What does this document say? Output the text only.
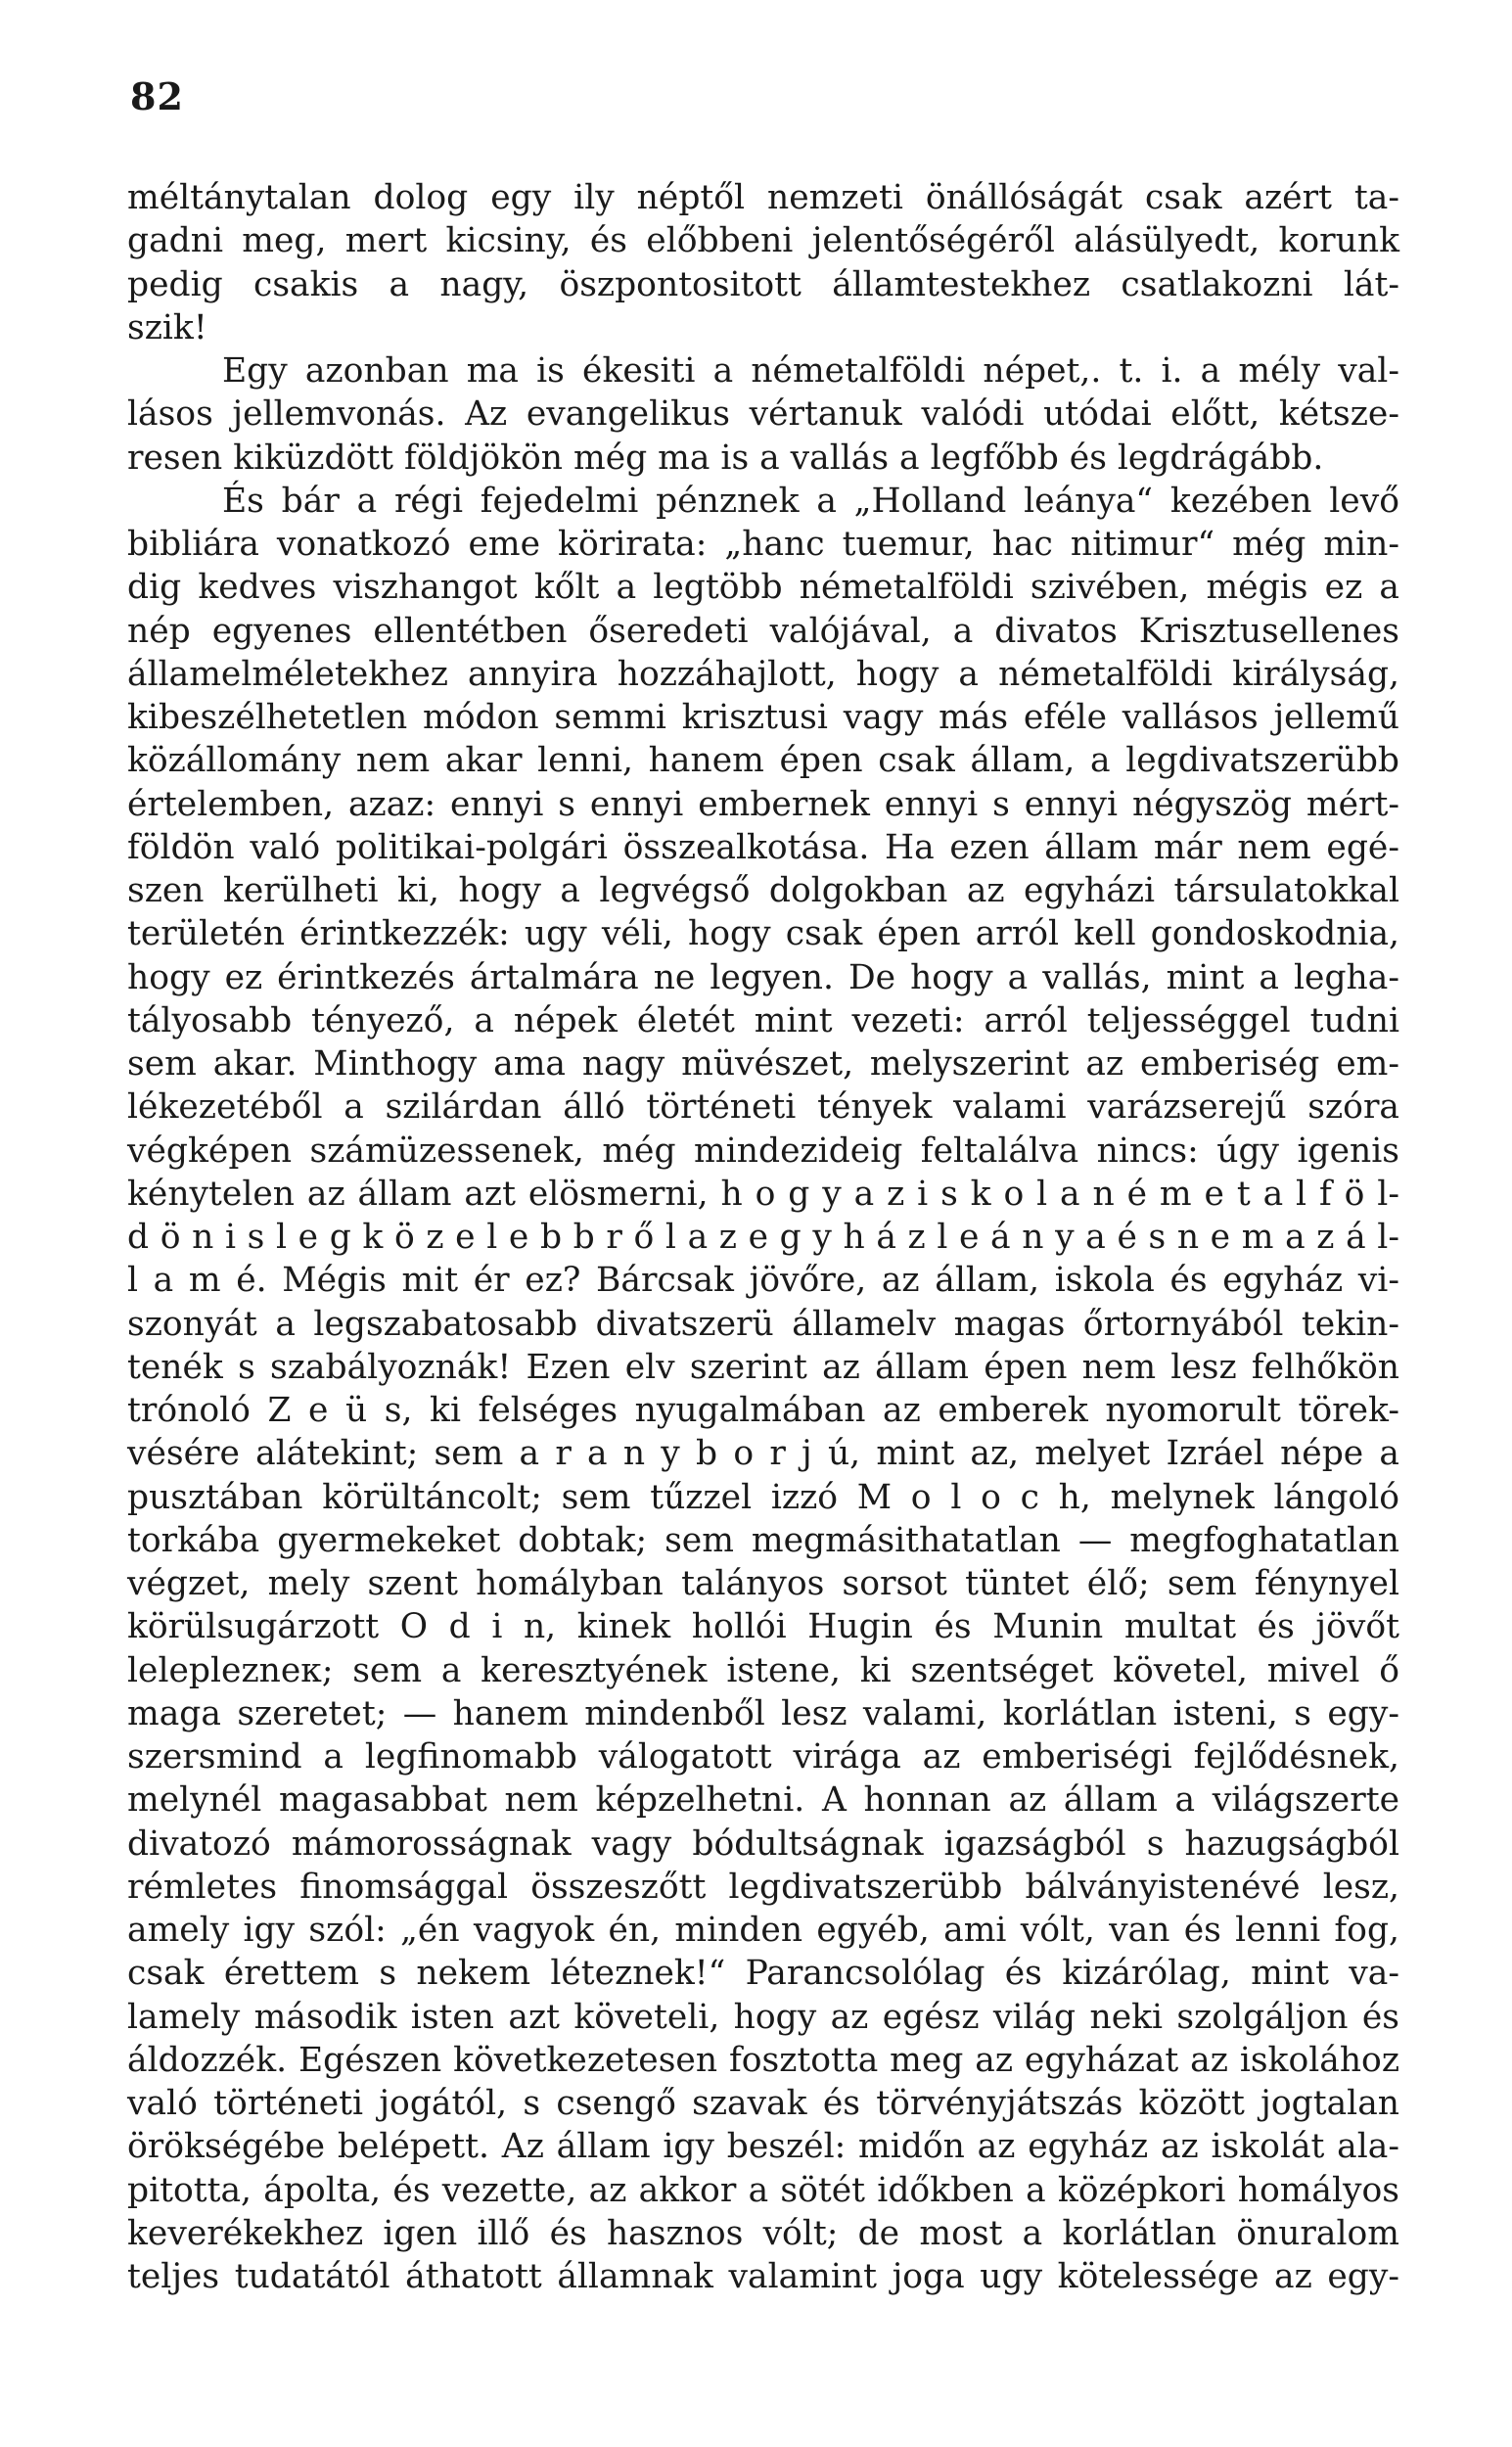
82
méltánytalan dolog egy ily néptől nemzeti önállóságát csak azért ta-
gadni meg, mert kicsiny, és előbbeni jelentőségéről alásülyedt, korunk
pedig csakis a nagy, öszpontositott államtestekhez csatlakozni lát-
szik!
Egy azonban ma is ékesiti a németalföldi népet,. t. i. a mély val-
lásos jellemvonás. Az evangelikus vértanuk valódi utódai előtt, kétsze-
resen kiküzdött földjökön még ma is a vallás a legfőbb és legdrágább.
És bár a régi fejedelmi pénznek a „Holland leánya“ kezében levő
bibliára vonatkozó eme körirata: „hanc tuemur, hac nitimur“ még min-
dig kedves viszhangot kőlt a legtöbb németalföldi szivében, mégis ez a
nép egyenes ellentétben őseredeti valójával, a divatos Krisztusellenes
államelméletekhez annyira hozzáhajlott, hogy a németalföldi királyság,
kibeszélhetetlen módon semmi krisztusi vagy más eféle vallásos jellemű
közállomány nem akar lenni, hanem épen csak állam, a legdivatszerübb
értelemben, azaz: ennyi s ennyi embernek ennyi s ennyi négyszög mért-
földön való politikai-polgári összealkotása. Ha ezen állam már nem egé-
szen kerülheti ki, hogy a legvégső dolgokban az egyházi társulatokkal
területén érintkezzék: ugy véli, hogy csak épen arról kell gondoskodnia,
hogy ez érintkezés ártalmára ne legyen. De hogy a vallás, mint a legha-
tályosabb tényező, a népek életét mint vezeti: arról teljességgel tudni
sem akar. Minthogy ama nagy müvészet, melyszerint az emberiség em-
lékezetéből a szilárdan álló történeti tények valami varázserejű szóra
végképen számüzessenek, még mindezideig feltalálva nincs: úgy igenis
kénytelen az állam azt elösmerni, h o g y a z i s k o l a n é m e t a l f ö l-
d ö n i s l e g k ö z e l e b b r ő l a z e g y h á z l e á n y a é s n e m a z á l-
l a m é. Mégis mit ér ez? Bárcsak jövőre, az állam, iskola és egyház vi-
szonyát a legszabatosabb divatszerü államelv magas őrtornyából tekin-
tenék s szabályoznák! Ezen elv szerint az állam épen nem lesz felhőkön
trónoló Z e ü s, ki felséges nyugalmában az emberek nyomorult törek-
vésére alátekint; sem a r a n y b o r j ú, mint az, melyet Izráel népe a
pusztában körültáncolt; sem tűzzel izzó M o l o c h, melynek lángoló
torkába gyermekeket dobtak; sem megmásithatatlan — megfoghatatlan
végzet, mely szent homályban talányos sorsot tüntet élő; sem fénynyel
körülsugárzott O d i n, kinek hollói Hugin és Munin multat és jövőt
leleplezneк; sem a keresztyének istene, ki szentséget követel, mivel ő
maga szeretet; — hanem mindenből lesz valami, korlátlan isteni, s egy-
szersmind a legfinomabb válogatott virága az emberiségi fejlődésnek,
melynél magasabbat nem képzelhetni. A honnan az állam a világszerte
divatozó mámorosságnak vagy bódultságnak igazságból s hazugságból
rémletes finomsággal összeszőtt legdivatszerübb bálványistenévé lesz,
amely igy szól: „én vagyok én, minden egyéb, ami vólt, van és lenni fog,
csak érettem s nekem léteznek!“ Parancsolólag és kizárólag, mint va-
lamely második isten azt követeli, hogy az egész világ neki szolgáljon és
áldozzék. Egészen következetesen fosztotta meg az egyházat az iskolához
való történeti jogától, s csengő szavak és törvényjátszás között jogtalan
örökségébe belépett. Az állam igy beszél: midőn az egyház az iskolát ala-
pitotta, ápolta, és vezette, az akkor a sötét időkben a középkori homályos
keverékekhez igen illő és hasznos vólt; de most a korlátlan önuralom
teljes tudatától áthatott államnak valamint joga ugy kötelessége az egy-
